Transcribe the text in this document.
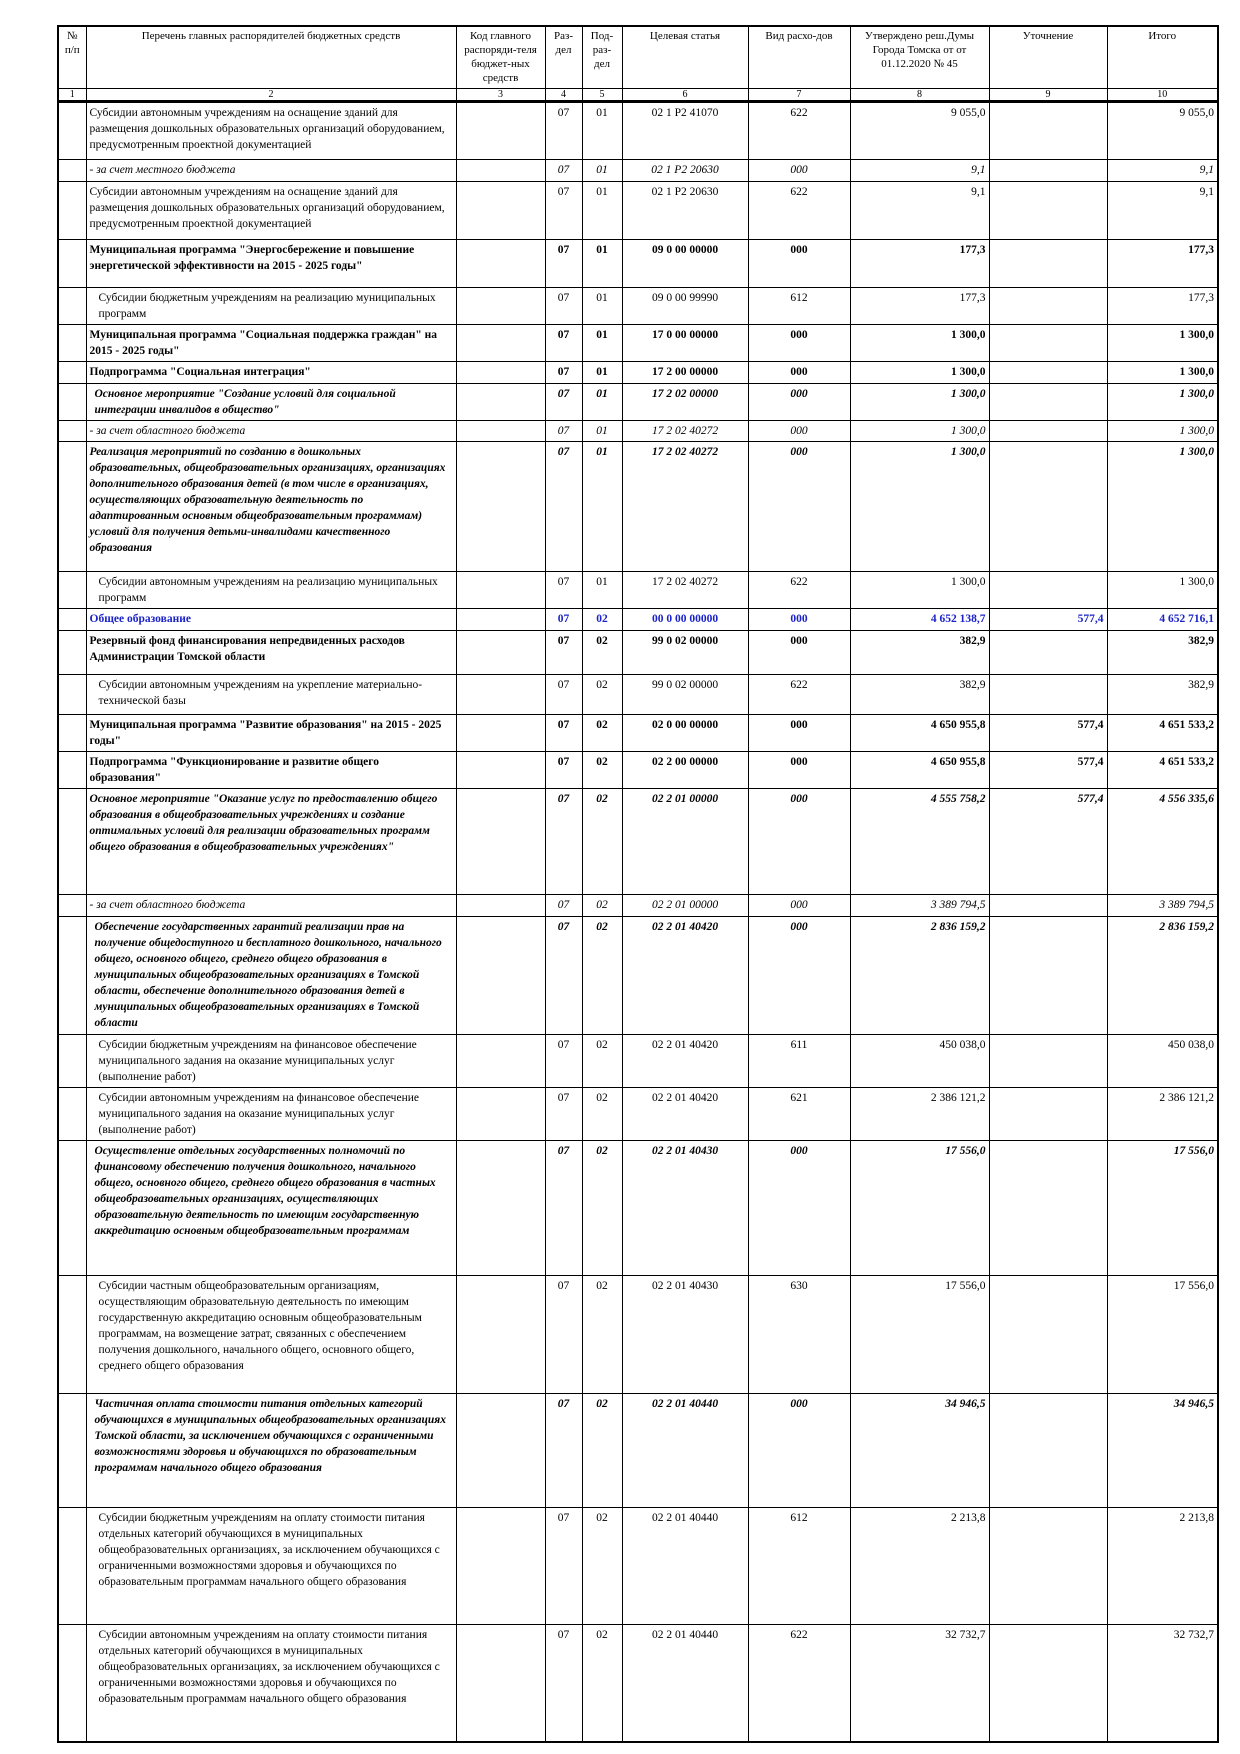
№ п/п	Перечень главных распорядителей бюджетных средств	Код главного распоряди-теля бюджет-ных средств	Раз-дел	Под-раз-дел	Целевая статья	Вид расхо-дов	Утверждено реш.Думы Города Томска от от 01.12.2020 № 45	Уточнение	Итого
1	2	3	4	5	6	7	8	9	10
	Субсидии автономным учреждениям на оснащение зданий для размещения дошкольных образовательных организаций оборудованием, предусмотренным проектной документацией		07	01	02 1 P2 41070	622	9 055,0		9 055,0
	- за счет местного бюджета		07	01	02 1 P2 20630	000	9,1		9,1
	Субсидии автономным учреждениям на оснащение зданий для размещения дошкольных образовательных организаций оборудованием, предусмотренным проектной документацией		07	01	02 1 P2 20630	622	9,1		9,1
	Муниципальная программа "Энергосбережение и повышение энергетической эффективности на 2015 - 2025 годы"		07	01	09 0 00 00000	000	177,3		177,3
	Субсидии бюджетным учреждениям на реализацию муниципальных программ		07	01	09 0 00 99990	612	177,3		177,3
	Муниципальная программа "Социальная поддержка граждан" на 2015 - 2025 годы"		07	01	17 0 00 00000	000	1 300,0		1 300,0
	Подпрограмма "Социальная интеграция"		07	01	17 2 00 00000	000	1 300,0		1 300,0
	Основное мероприятие "Создание условий для социальной интеграции инвалидов в общество"		07	01	17 2 02 00000	000	1 300,0		1 300,0
	- за счет областного бюджета		07	01	17 2 02 40272	000	1 300,0		1 300,0
	Реализация мероприятий по созданию в дошкольных образовательных, общеобразовательных организациях, организациях дополнительного образования детей (в том числе в организациях, осуществляющих образовательную деятельность по адаптированным основным общеобразовательным программам) условий для получения детьми-инвалидами качественного образования		07	01	17 2 02 40272	000	1 300,0		1 300,0
	Субсидии автономным учреждениям на реализацию муниципальных программ		07	01	17 2 02 40272	622	1 300,0		1 300,0
	Общее образование		07	02	00 0 00 00000	000	4 652 138,7	577,4	4 652 716,1
	Резервный фонд финансирования непредвиденных расходов Администрации Томской области		07	02	99 0 02 00000	000	382,9		382,9
	Субсидии автономным учреждениям на укрепление материально-технической базы		07	02	99 0 02 00000	622	382,9		382,9
	Муниципальная программа "Развитие образования" на 2015 - 2025 годы"		07	02	02 0 00 00000	000	4 650 955,8	577,4	4 651 533,2
	Подпрограмма "Функционирование и развитие общего образования"		07	02	02 2 00 00000	000	4 650 955,8	577,4	4 651 533,2
	Основное мероприятие "Оказание услуг по предоставлению общего образования в общеобразовательных учреждениях и создание оптимальных условий для реализации образовательных программ общего образования в общеобразовательных учреждениях"		07	02	02 2 01 00000	000	4 555 758,2	577,4	4 556 335,6
	- за счет областного бюджета		07	02	02 2 01 00000	000	3 389 794,5		3 389 794,5
	Обеспечение государственных гарантий реализации прав на получение общедоступного и бесплатного дошкольного, начального общего, основного общего, среднего общего образования в муниципальных общеобразовательных организациях в Томской области, обеспечение дополнительного образования детей в муниципальных общеобразовательных организациях в Томской области		07	02	02 2 01 40420	000	2 836 159,2		2 836 159,2
	Субсидии бюджетным учреждениям на финансовое обеспечение муниципального задания на оказание муниципальных услуг (выполнение работ)		07	02	02 2 01 40420	611	450 038,0		450 038,0
	Субсидии автономным учреждениям на финансовое обеспечение муниципального задания на оказание муниципальных услуг (выполнение работ)		07	02	02 2 01 40420	621	2 386 121,2		2 386 121,2
	Осуществление отдельных государственных полномочий по финансовому обеспечению получения дошкольного, начального общего, основного общего, среднего общего образования в частных общеобразовательных организациях, осуществляющих образовательную деятельность по имеющим государственную аккредитацию основным общеобразовательным программам		07	02	02 2 01 40430	000	17 556,0		17 556,0
	Субсидии частным общеобразовательным организациям, осуществляющим образовательную деятельность по имеющим государственную аккредитацию основным общеобразовательным программам, на возмещение затрат, связанных с обеспечением получения дошкольного, начального общего, основного общего, среднего общего образования		07	02	02 2 01 40430	630	17 556,0		17 556,0
	Частичная оплата стоимости питания отдельных категорий обучающихся в муниципальных общеобразовательных организациях Томской области, за исключением обучающихся с ограниченными возможностями здоровья и обучающихся по образовательным программам начального общего образования		07	02	02 2 01 40440	000	34 946,5		34 946,5
	Субсидии бюджетным учреждениям на оплату стоимости питания отдельных категорий обучающихся в муниципальных общеобразовательных организациях, за исключением обучающихся с ограниченными возможностями здоровья и обучающихся по образовательным программам начального общего образования		07	02	02 2 01 40440	612	2 213,8		2 213,8
	Субсидии автономным учреждениям на оплату стоимости питания отдельных категорий обучающихся в муниципальных общеобразовательных организациях, за исключением обучающихся с ограниченными возможностями здоровья и обучающихся по образовательным программам начального общего образования		07	02	02 2 01 40440	622	32 732,7		32 732,7
